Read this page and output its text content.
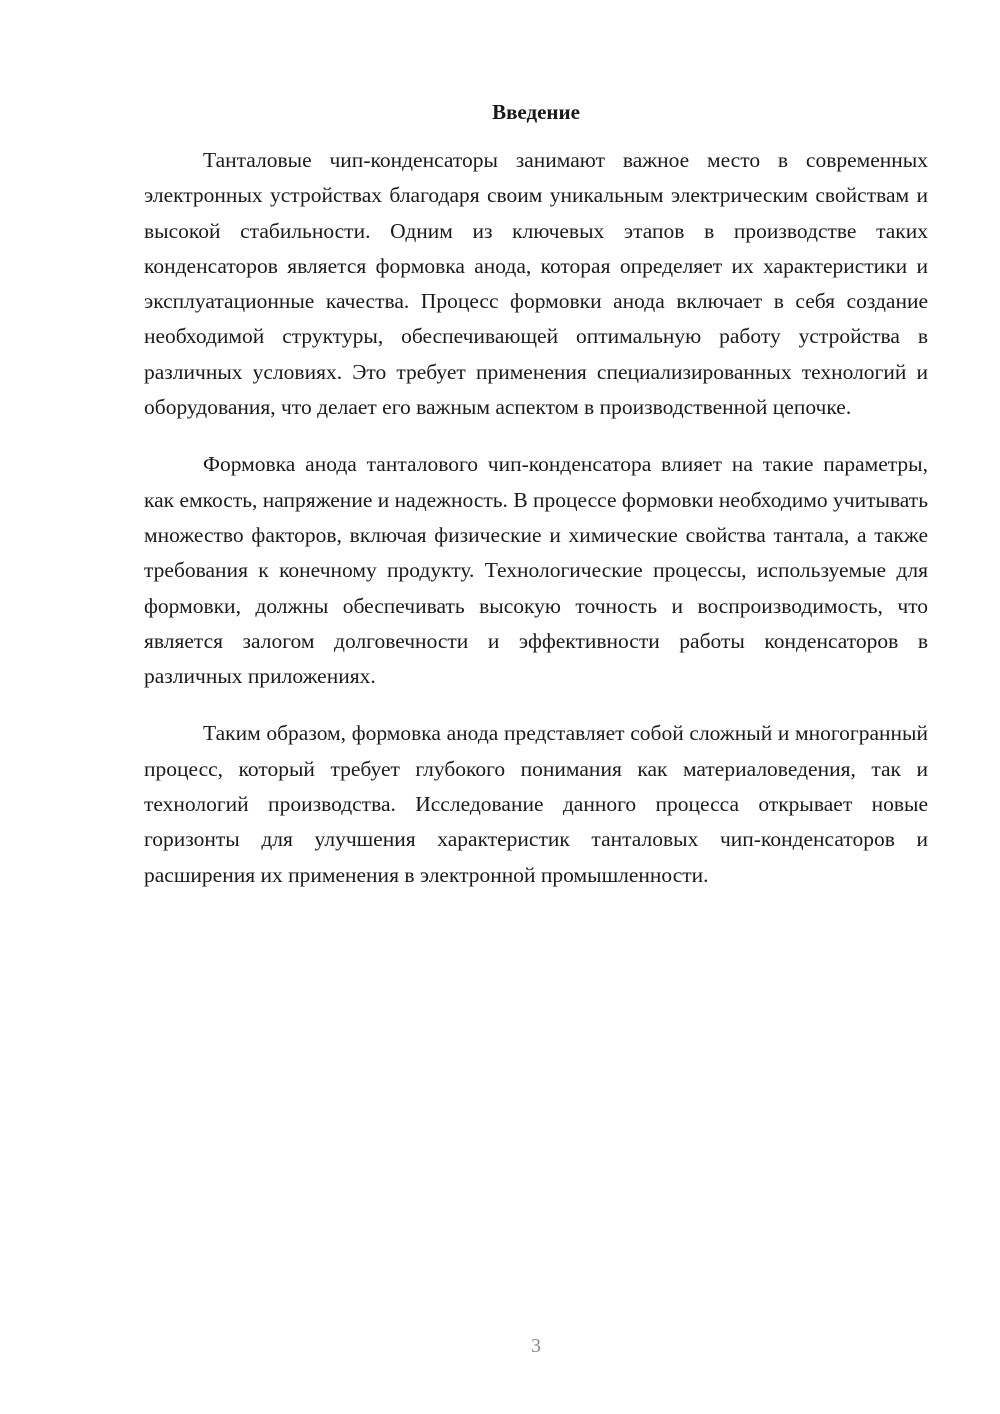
Введение

Танталовые чип-конденсаторы занимают важное место в современных электронных устройствах благодаря своим уникальным электрическим свойствам и высокой стабильности. Одним из ключевых этапов в производстве таких конденсаторов является формовка анода, которая определяет их характеристики и эксплуатационные качества. Процесс формовки анода включает в себя создание необходимой структуры, обеспечивающей оптимальную работу устройства в различных условиях. Это требует применения специализированных технологий и оборудования, что делает его важным аспектом в производственной цепочке.

Формовка анода танталового чип-конденсатора влияет на такие параметры, как емкость, напряжение и надежность. В процессе формовки необходимо учитывать множество факторов, включая физические и химические свойства тантала, а также требования к конечному продукту. Технологические процессы, используемые для формовки, должны обеспечивать высокую точность и воспроизводимость, что является залогом долговечности и эффективности работы конденсаторов в различных приложениях.

Таким образом, формовка анода представляет собой сложный и многогранный процесс, который требует глубокого понимания как материаловедения, так и технологий производства. Исследование данного процесса открывает новые горизонты для улучшения характеристик танталовых чип-конденсаторов и расширения их применения в электронной промышленности.

3
